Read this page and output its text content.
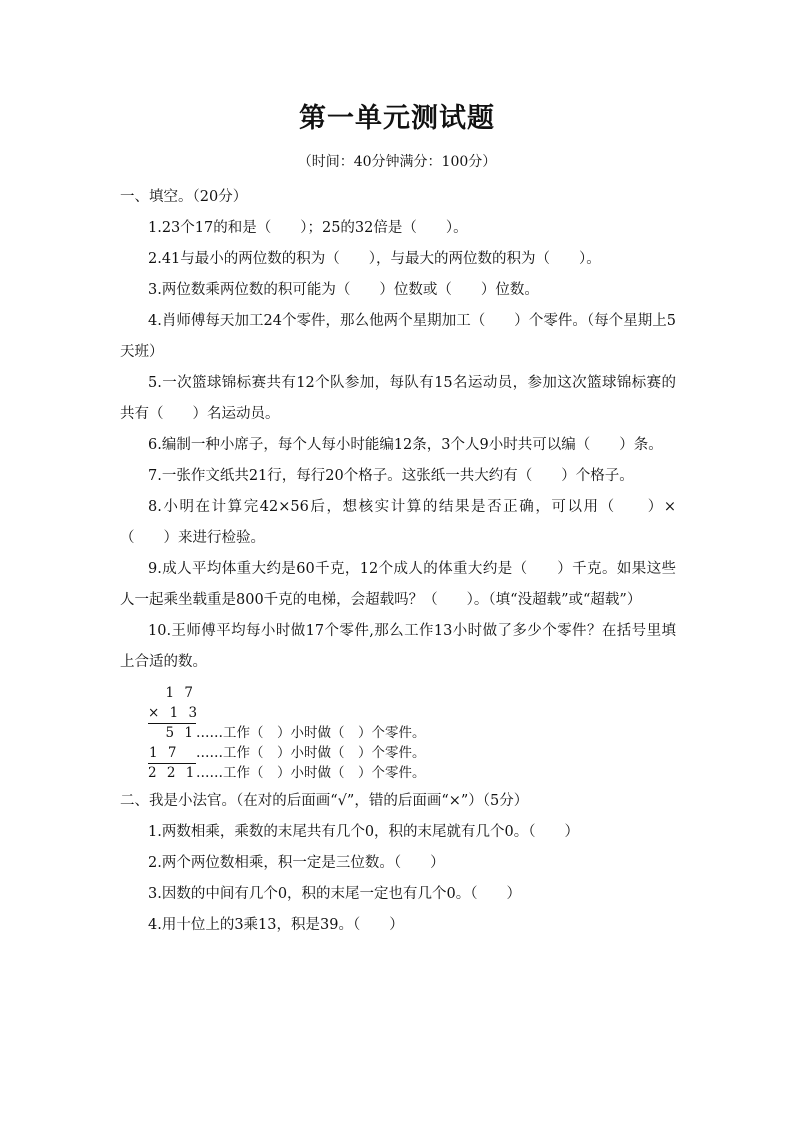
第一单元测试题
（时间：40分钟满分：100分）
一、填空。（20分）
1.23个17的和是（　　）；25的32倍是（　　）。
2.41与最小的两位数的积为（　　），与最大的两位数的积为（　　）。
3.两位数乘两位数的积可能为（　　）位数或（　　）位数。
4.肖师傅每天加工24个零件，那么他两个星期加工（　　）个零件。（每个星期上5天班）
5.一次篮球锦标赛共有12个队参加，每队有15名运动员，参加这次篮球锦标赛的共有（　　）名运动员。
6.编制一种小席子，每个人每小时能编12条，3个人9小时共可以编（　　）条。
7.一张作文纸共21行，每行20个格子。这张纸一共大约有（　　）个格子。
8.小明在计算完42×56后，想核实计算的结果是否正确，可以用（　　）×（　　）来进行检验。
9.成人平均体重大约是60千克，12个成人的体重大约是（　　）千克。如果这些人一起乘坐载重是800千克的电梯，会超载吗？（　　）。（填“没超载”或“超载”）
10.王师傅平均每小时做17个零件,那么工作13小时做了多少个零件？在括号里填上合适的数。
1 7
× 1 3
5 1……工作（　）小时做（　）个零件。
1 7　……工作（　）小时做（　）个零件。
2 2 1……工作（　）小时做（　）个零件。
二、我是小法官。（在对的后面画“√”，错的后面画“×”）（5分）
1.两数相乘，乘数的末尾共有几个0，积的末尾就有几个0。（　　）
2.两个两位数相乘，积一定是三位数。（　　）
3.因数的中间有几个0，积的末尾一定也有几个0。（　　）
4.用十位上的3乘13，积是39。（　　）
